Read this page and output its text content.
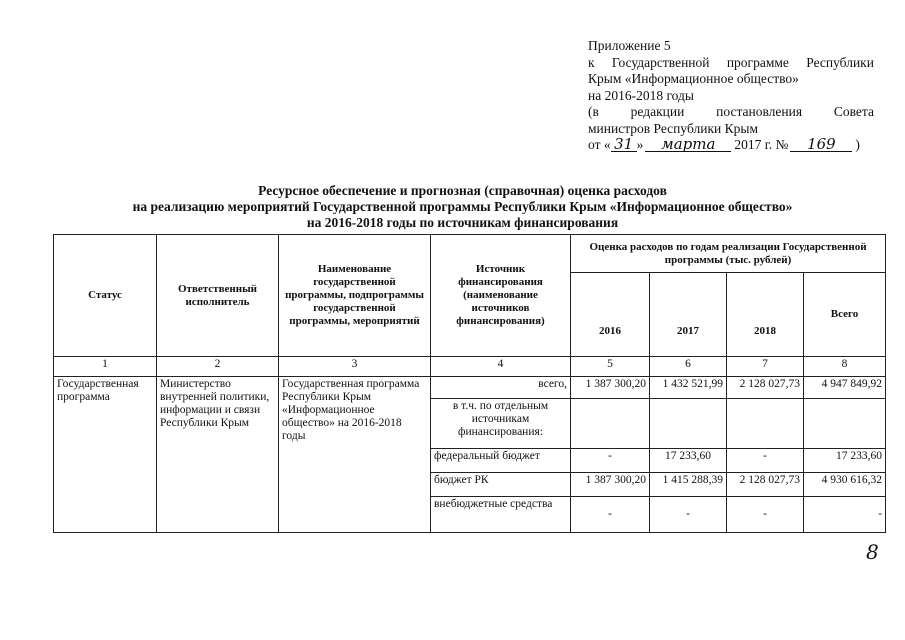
Приложение 5
к Государственной программе Республики
Крым «Информационное общество»
на 2016-2018 годы
(в редакции постановления Совета
министров Республики Крым
от « 31 »	марта	2017 г. №	169	)
Ресурсное обеспечение и прогнозная (справочная) оценка расходов
на реализацию мероприятий Государственной программы Республики Крым «Информационное общество»
на 2016-2018 годы по источникам финансирования
Статус	Ответственный исполнитель	Наименование государственной программы, подпрограммы государственной программы, мероприятий	Источник финансирования (наименование источников финансирования)	Оценка расходов по годам реализации Государственной программы (тыс. рублей)			
				2016	2017	2018	Всего
1	2	3	4	5	6	7	8
Государственная программа	Министерство внутренней политики, информации и связи Республики Крым	Государственная программа Республики Крым «Информационное общество» на 2016-2018 годы	всего,	1 387 300,20	1 432 521,99	2 128 027,73	4 947 849,92
			в т.ч. по отдельным источникам финансирования:				
			федеральный бюджет	-	17 233,60	-	17 233,60
			бюджет РК	1 387 300,20	1 415 288,39	2 128 027,73	4 930 616,32
			внебюджетные средства	-	-	-	-
8
